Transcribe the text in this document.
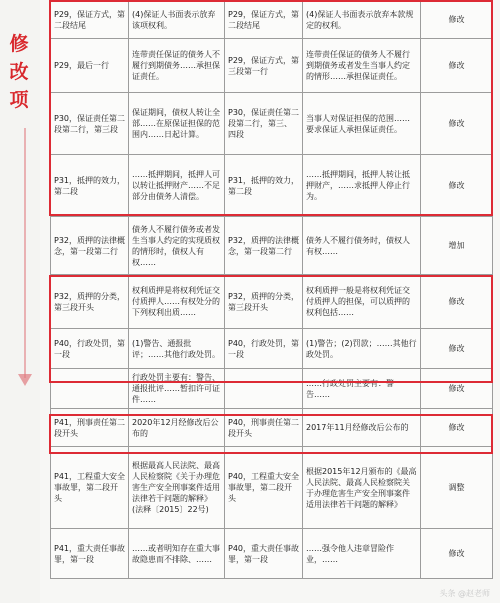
修
改
项
P29，保证方式，第二段结尾	(4)保证人书面表示放弃该项权利。	P29，保证方式，第二段结尾	(4)保证人书面表示放弃本款规定的权利。	修改
P29，最后一行	连带责任保证的债务人不履行到期债务……承担保证责任。	P29，保证方式，第三段第一行	连带责任保证的债务人不履行到期债务或者发生当事人约定的情形……承担保证责任。	修改
P30，保证责任第二段第二行，第三段	保证期间，债权人转让全部……在原保证担保的范围内……日起计算。	P30，保证责任第二段第二行，第三、四段	当事人对保证担保的范围……要求保证人承担保证责任。	修改
P31，抵押的效力，第二段	……抵押期间，抵押人可以转让抵押财产……不足部分由债务人清偿。	P31，抵押的效力，第二段	……抵押期间，抵押人转让抵押财产，……求抵押人停止行为。	修改
P32，质押的法律概念，第一段第二行	债务人不履行债务或者发生当事人约定的实现质权的情形时，债权人有权……	P32，质押的法律概念，第一段第二行	债务人不履行债务时，债权人有权……	增加
P32，质押的分类，第三段开头	权利质押是将权利凭证交付质押人……有权处分的下列权利出质……	P32，质押的分类，第三段开头	权利质押一般是将权利凭证交付质押人的担保，可以质押的权利包括……	修改
P40，行政处罚，第一段	(1)警告、通报批评；……其他行政处罚。	P40，行政处罚，第一段	(1)警告；(2)罚款；……其他行政处罚。	修改
	行政处罚主要有：警告、通报批评……暂扣许可证件……		……行政处罚主要有：警告……	修改
P41，刑事责任第二段开头	2020年12月经修改后公布的	P40，刑事责任第二段开头	2017年11月经修改后公布的	修改
P41，工程重大安全事故罪，第二段开头	根据最高人民法院、最高人民检察院《关于办理危害生产安全刑事案件适用法律若干问题的解释》(法释〔2015〕22号)	P40，工程重大安全事故罪，第二段开头	根据2015年12月颁布的《最高人民法院、最高人民检察院关于办理危害生产安全刑事案件适用法律若干问题的解释》	调整
P41，重大责任事故罪，第一段	……或者明知存在重大事故隐患而不排除、……	P40，重大责任事故罪，第一段	……强令他人违章冒险作业，……	修改
头条 @赵老师
